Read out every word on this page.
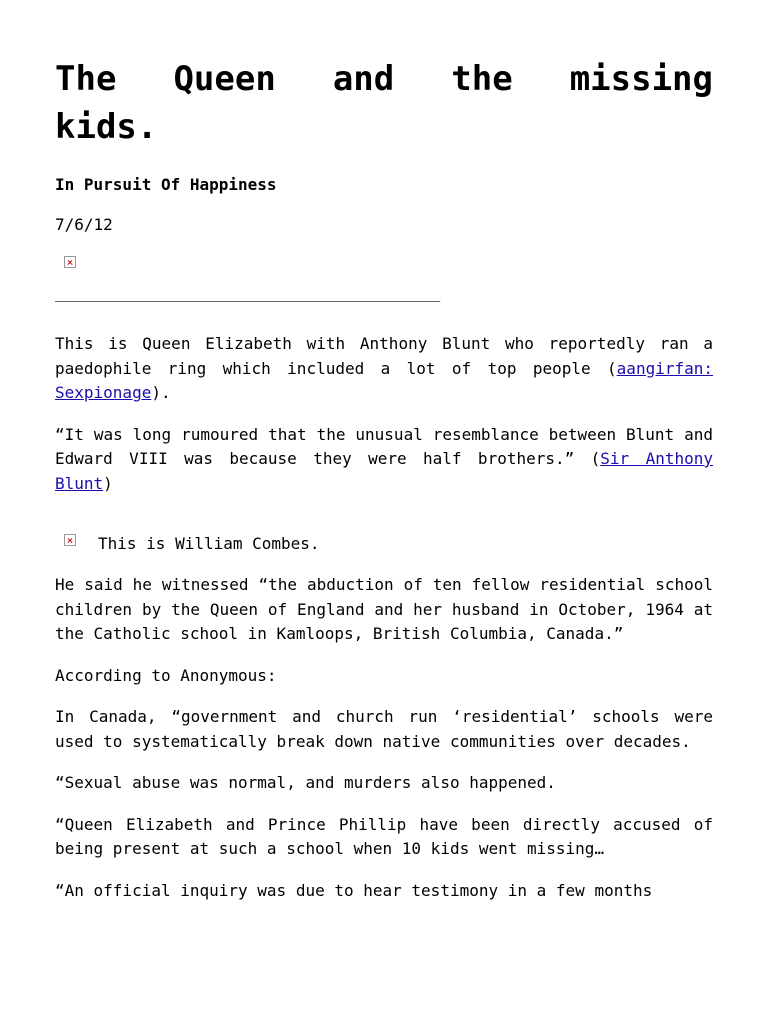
The Queen and the missing kids.
In Pursuit Of Happiness
7/6/12
________________________________________

This is Queen Elizabeth with Anthony Blunt who reportedly ran a paedophile ring which included a lot of top people (aangirfan: Sexpionage).

“It was long rumoured that the unusual resemblance between Blunt and Edward VIII was because they were half brothers.” (Sir Anthony Blunt)

This is William Combes.

He said he witnessed “the abduction of ten fellow residential school children by the Queen of England and her husband in October, 1964 at the Catholic school in Kamloops, British Columbia, Canada.”

According to Anonymous:

In Canada, “government and church run ‘residential’ schools were used to systematically break down native communities over decades.

“Sexual abuse was normal, and murders also happened.

“Queen Elizabeth and Prince Phillip have been directly accused of being present at such a school when 10 kids went missing…

“An official inquiry was due to hear testimony in a few months
